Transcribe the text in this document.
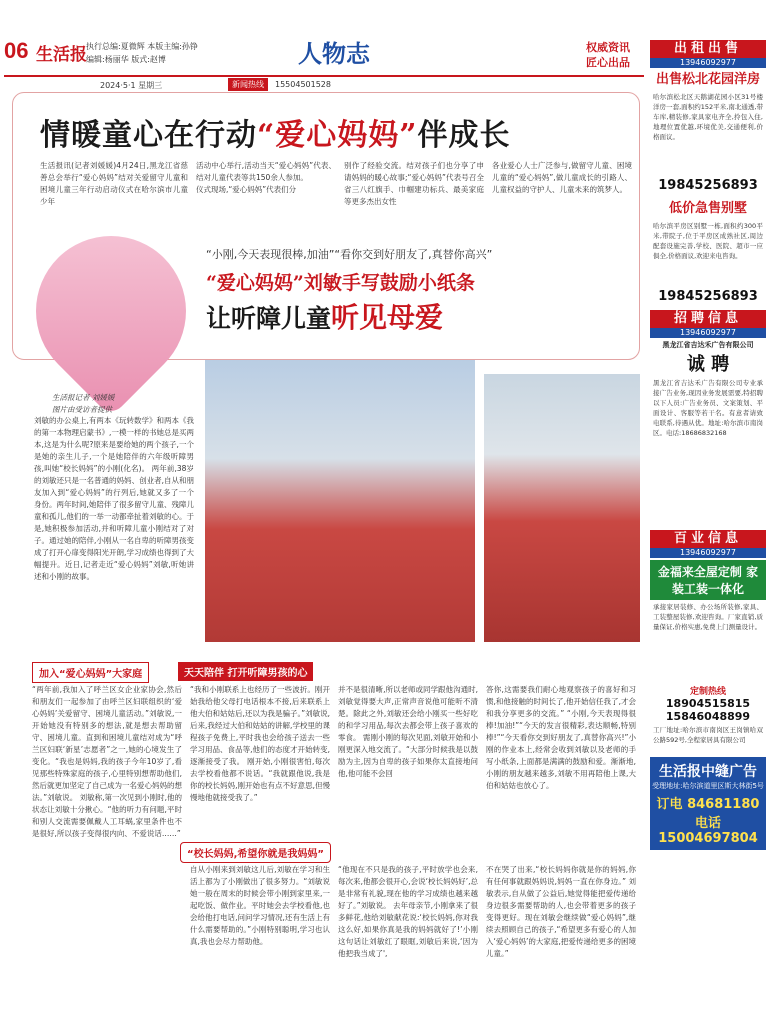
06 生活报 执行总编:夏微辉 本版主编:孙铮
编辑:杨丽华 版式:赵博	人物志	权威资讯
匠心出品
2024·5·1 星期三	新闻热线	15504501528
情暖童心在行动“爱心妈妈”伴成长
生活报讯(记者刘媛媛)4月24日,黑龙江省慈善总会举行“爱心妈妈”结对关爱留守儿童和困境儿童三年行动启动仪式在哈尔滨市儿童少年
活动中心举行,活动当天“爱心妈妈”代表、结对儿童代表等共150余人参加。
仪式现场,“爱心妈妈”代表们分
别作了经验交流。结对孩子们也分享了申请妈妈的暖心故事;“爱心妈妈”代表号召全省三八红旗手、巾帼建功标兵、最美家庭等更多杰出女性
各业爱心人士广泛参与,做留守儿童、困境儿童的“爱心妈妈”,做儿童成长的引路人、儿童权益的守护人、儿童未来的筑梦人。
“小刚,今天表现很棒,加油”“看你交到好朋友了,真替你高兴”
“爱心妈妈”刘敏手写鼓励小纸条
让听障儿童听见母爱
生活报记者 刘媛媛
图片由受访者提供
刘敏的办公桌上,有两本《玩转数学》和两本《我的第一本物理启蒙书》,一模一样的书她总是买两本,这是为什么呢?原来是要给她的两个孩子,一个是她的亲生儿子,一个是她陪伴的六年级听障男孩,叫她“校长妈妈”的小刚(化名)。 两年前,38岁的刘敏还只是一名普通的妈妈、创业者,自从和朋友加入到“爱心妈妈”的行列后,她就又多了一个身份。两年时间,她陪伴了很多留守儿童、残障儿童和孤儿,他们的一举一动都牵扯着刘敏的心。于是,她积极参加活动,并和听障儿童小刚结对了对子。通过她的陪伴,小刚从一名自卑的听障男孩变成了打开心扉变得阳光开朗,学习成绩也得到了大幅提升。近日,记者走近“爱心妈妈”刘敏,听她讲述和小刚的故事。
加入“爱心妈妈”大家庭
“两年前,我加入了呼兰区女企业家协会,然后和朋友们一起参加了由呼兰区妇联组织的‘爱心妈妈’关爱留守、困境儿童活动。”刘敏说,一开始她没有特别多的想法,就是想去帮助留守、困境儿童。直到和困境儿童结对成为“呼兰区妇联‘新星’志愿者”之一,她的心境发生了变化。“我也是妈妈,我的孩子今年10岁了,看见那些特殊家庭的孩子,心里特别想帮助他们,然后就更加坚定了自己成为一名爱心妈妈的想法。”刘敏说。 刘敏称,第一次见到小刚时,他的状态让刘敏十分揪心。“他的听力有问题,平时和别人交流需要佩戴人工耳蜗,家里条件也不是很好,所以孩子变得很内向、不爱说话……”
天天陪伴 打开听障男孩的心
“我和小刚联系上也经历了一些波折。刚开始我给他父母打电话根本不接,后来联系上他大伯和姑姑后,还以为我是骗子。”刘敏说,后来,我经过大伯和姑姑的讲解,学校里的课程孩子免费上,平时我也会给孩子送去一些学习用品、食品等,他们的态度才开始转变,逐渐接受了我。 刚开始,小刚很害怕,每次去学校看他都不说话。“我就跟他说,我是你的校长妈妈,刚开始也有点不好意思,但慢慢地他就接受我了。”
并不是很清晰,所以老师或同学跟他沟通时,刘敏觉得要大声,正常声音说他可能听不清楚。除此之外,刘敏还会给小刚买一些好吃的和学习用品,每次去都会带上孩子喜欢的零食。 需刚小刚的每次见面,刘敏开始和小刚更深入地交流了。“大部分时候我是以鼓励为主,因为自卑的孩子如果你太直接地问他,他可能不会回
答你,这需要我们耐心地观察孩子的喜好和习惯,和他接触的时间长了,他开始信任我了,才会和我分享更多的交流。” “小刚,今天表现得很棒!加油!”“今天的发言很精彩,表达顺畅,特别棒!”“今天看你交到好朋友了,真替你高兴!”小刚的作业本上,经常会收到刘敏以及老师的手写小纸条,上面都是满满的鼓励和爱。渐渐地,小刚的朋友越来越多,刘敏不用再陪他上课,大伯和姑姑也放心了。
“校长妈妈,希望你就是我妈妈”
自从小刚来到刘敏这儿后,刘敏在学习和生活上都为了小刚做出了很多努力。“刘敏说她一般在周末的时候会带小刚到家里来,一起吃饭、做作业。平时她会去学校看他,也会给他打电话,问问学习情况,还有生活上有什么需要帮助的。”小刚特别聪明,学习也认真,我也会尽力帮助他。
“他现在不只是我的孩子,平时放学也会来,每次来,他都会很开心,会说‘校长妈妈好’,总是非常有礼貌,现在他的学习成绩也越来越好了。”刘敏说。 去年母亲节,小刚拿来了很多鲜花,他给刘敏献花说:‘校长妈妈,你对我这么好,如果你真是我的妈妈就好了!’小刚这句话让刘敏红了眼眶,刘敏后来说,‘因为他把我当成了',
不在哭了出来,“校长妈妈你就是你的妈妈,你有任何事就跟妈妈说,妈妈一直在你身边。” 刘敏表示,自从做了公益后,她觉得能把爱传递给身边很多需要帮助的人,也会带着更多的孩子变得更好。现在刘敏会继续做“爱心妈妈”,继续去照顾自己的孩子,“希望更多有爱心的人加入‘爱心妈妈’的大家庭,把爱传递给更多的困境儿童。”
出租出售
13946092977
出售松北花园洋房
哈尔滨松北区天鹅湖花园小区31号楼洋房一套,面积约152平米,南北通透,带车库,精装修,家具家电齐全,拎包入住,地理位置优越,环境优美,交通便利,价格面议。
19845256893
低价急售别墅
哈尔滨平房区别墅一栋,面积约300平米,带院子,位于平房区成熟社区,周边配套设施完善,学校、医院、超市一应俱全,价格面议,欢迎来电咨询。
19845256893
招聘信息
13946092977
黑龙江省吉达禾广告有限公司
诚 聘
黑龙江省吉达禾广告有限公司专业承接广告业务,现因业务发展需要,特招聘以下人员:广告业务员、文案策划、平面设计、客服等若干名。有意者请致电联系,待遇从优。地址:哈尔滨市南岗区。电话:18686832168
百业信息
13946092977
金福来全屋定制 家装工装一体化
承接家居装修、办公场所装修,家具、工装整屋装修,欢迎咨询。厂家直销,质量保证,价格实惠,免费上门测量设计。
定制热线
18904515815
15846048899
工厂地址:哈尔滨市南岗区王岗镇哈双公路592号,全程家居具有限公司
生活报中缝广告
受理地址:哈尔滨道里区斯大林街5号
订电 84681180
电话 15004697804
